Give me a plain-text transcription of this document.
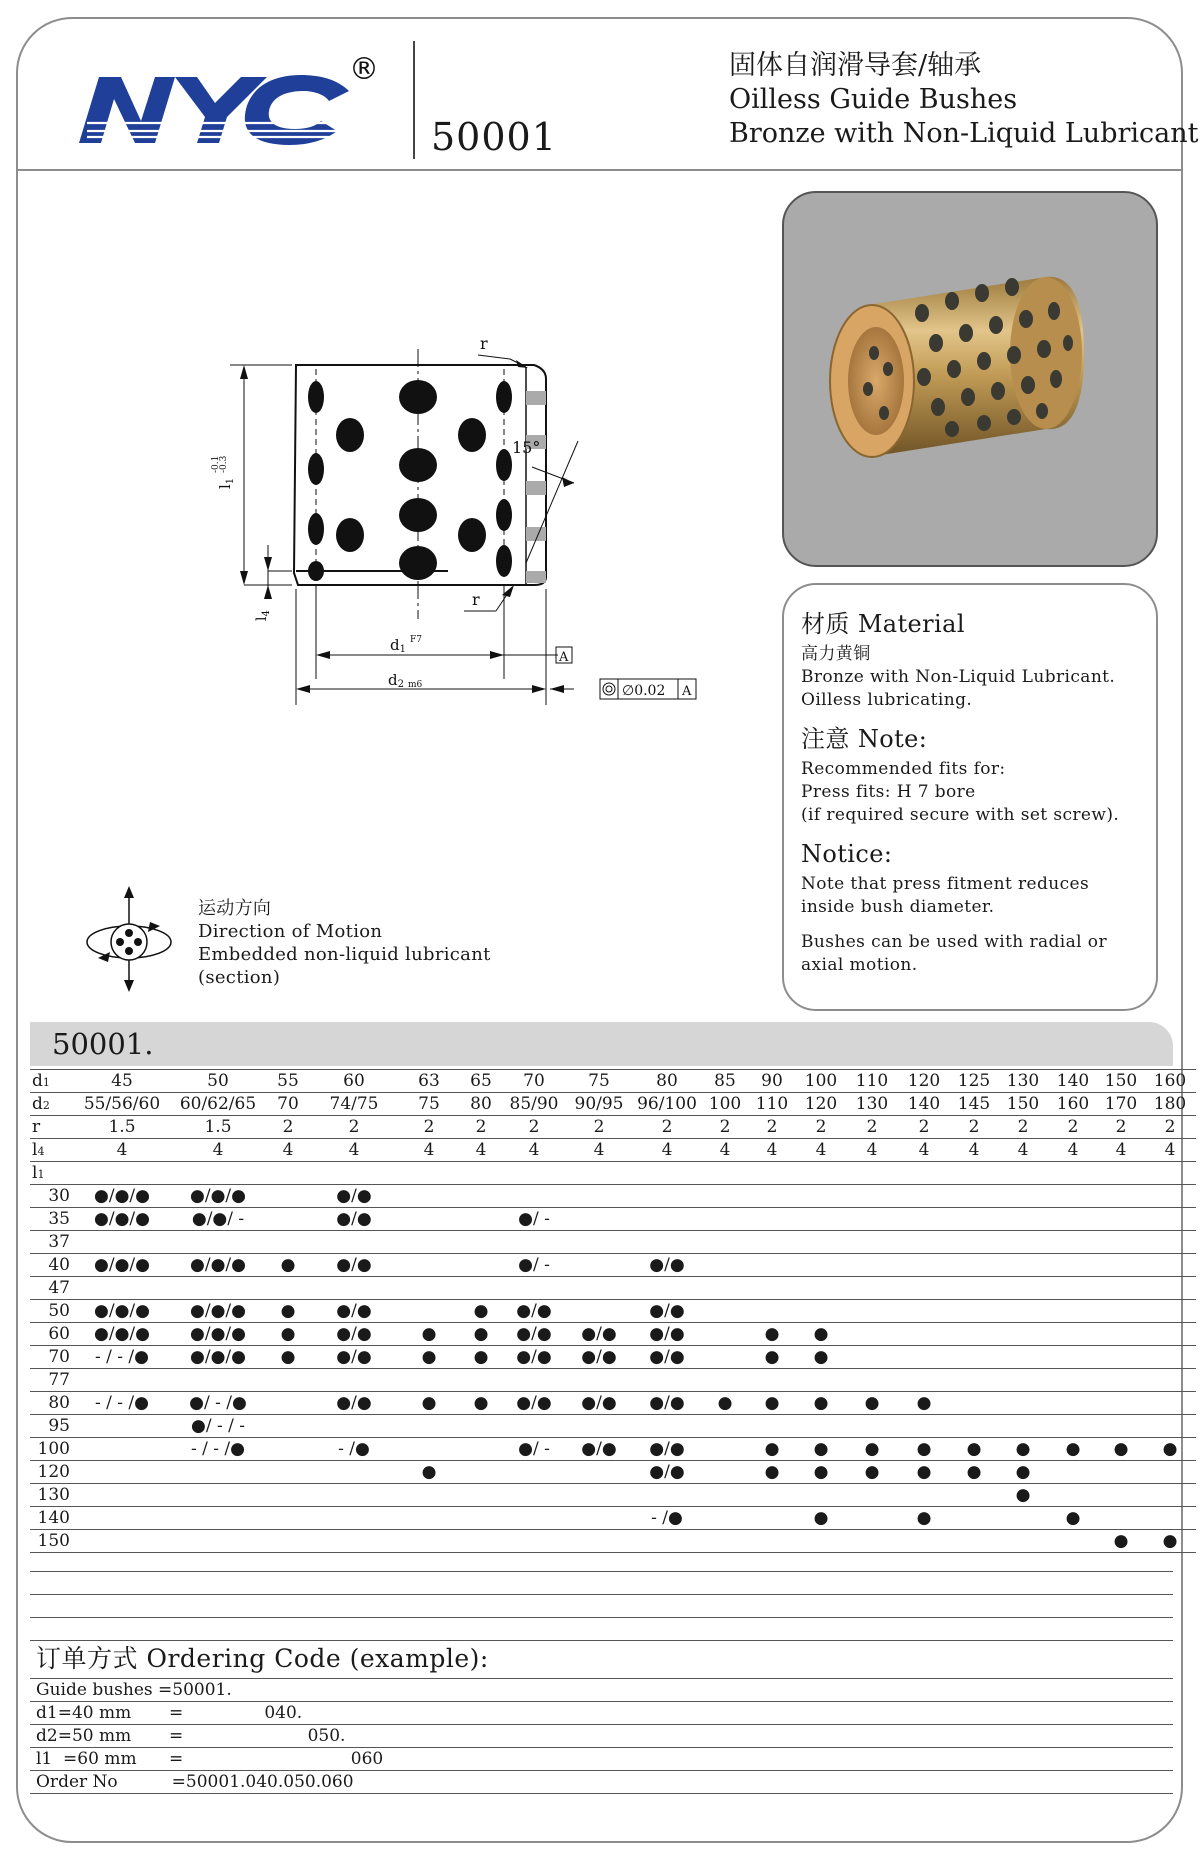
®
50001
固体自润滑导套/轴承
Oilless Guide Bushes
Bronze with Non-Liquid Lubricant
15°
r
r
$l_1$
-0.1
-0.3
$l_4$
A
$d1^{F7}$
d2 m6	∅0.02 A
材质 Material
高力黄铜
Bronze with Non-Liquid Lubricant.
Oilless lubricating.
注意 Note:
Recommended fits for:
Press fits: H 7 bore
(if required secure with set screw).
Notice:
Note that press fitment reduces
inside bush diameter.
Bushes can be used with radial or
axial motion.
运动方向
Direction of Motion
Embedded non-liquid lubricant
(section)
50001.
d1	45	50	55	60	63	65	70	75	80	85	90	100	110	120	125	130	140	150	160
d2	55/56/60	60/62/65	70	74/75	75	80	85/90	90/95	96/100	100	110	120	130	140	145	150	160	170	180
r	1.5	1.5	2	2	2	2	2	2	2	2	2	2	2	2	2	2	2	2	2
l4	4	4	4	4	4	4	4	4	4	4	4	4	4	4	4	4	4	4	4
l1																			
30	●/●/●	●/●/●		●/●															
35	●/●/●	●/●/ -		●/●			●/ -												
37																			
40	●/●/●	●/●/●	●	●/●			●/ -		●/●										
47																			
50	●/●/●	●/●/●	●	●/●		●	●/●		●/●										
60	●/●/●	●/●/●	●	●/●	●	●	●/●	●/●	●/●		●	●							
70	- / - /●	●/●/●	●	●/●	●	●	●/●	●/●	●/●		●	●							
77																			
80	- / - /●	●/ - /●		●/●	●	●	●/●	●/●	●/●	●	●	●	●	●					
95		●/ - / -																	
100		- / - /●		- /●			●/ -	●/●	●/●		●	●	●	●	●	●	●	●	●
120					●				●/●		●	●	●	●	●	●			
130																●			
140									- /●			●		●			●		
150																		●	●
订单方式 Ordering Code (example):
Guide bushes =50001.
d1=40 mm       =               040.
d2=50 mm       =                       050.
l1  =60 mm      =                               060
Order No          =50001.040.050.060
